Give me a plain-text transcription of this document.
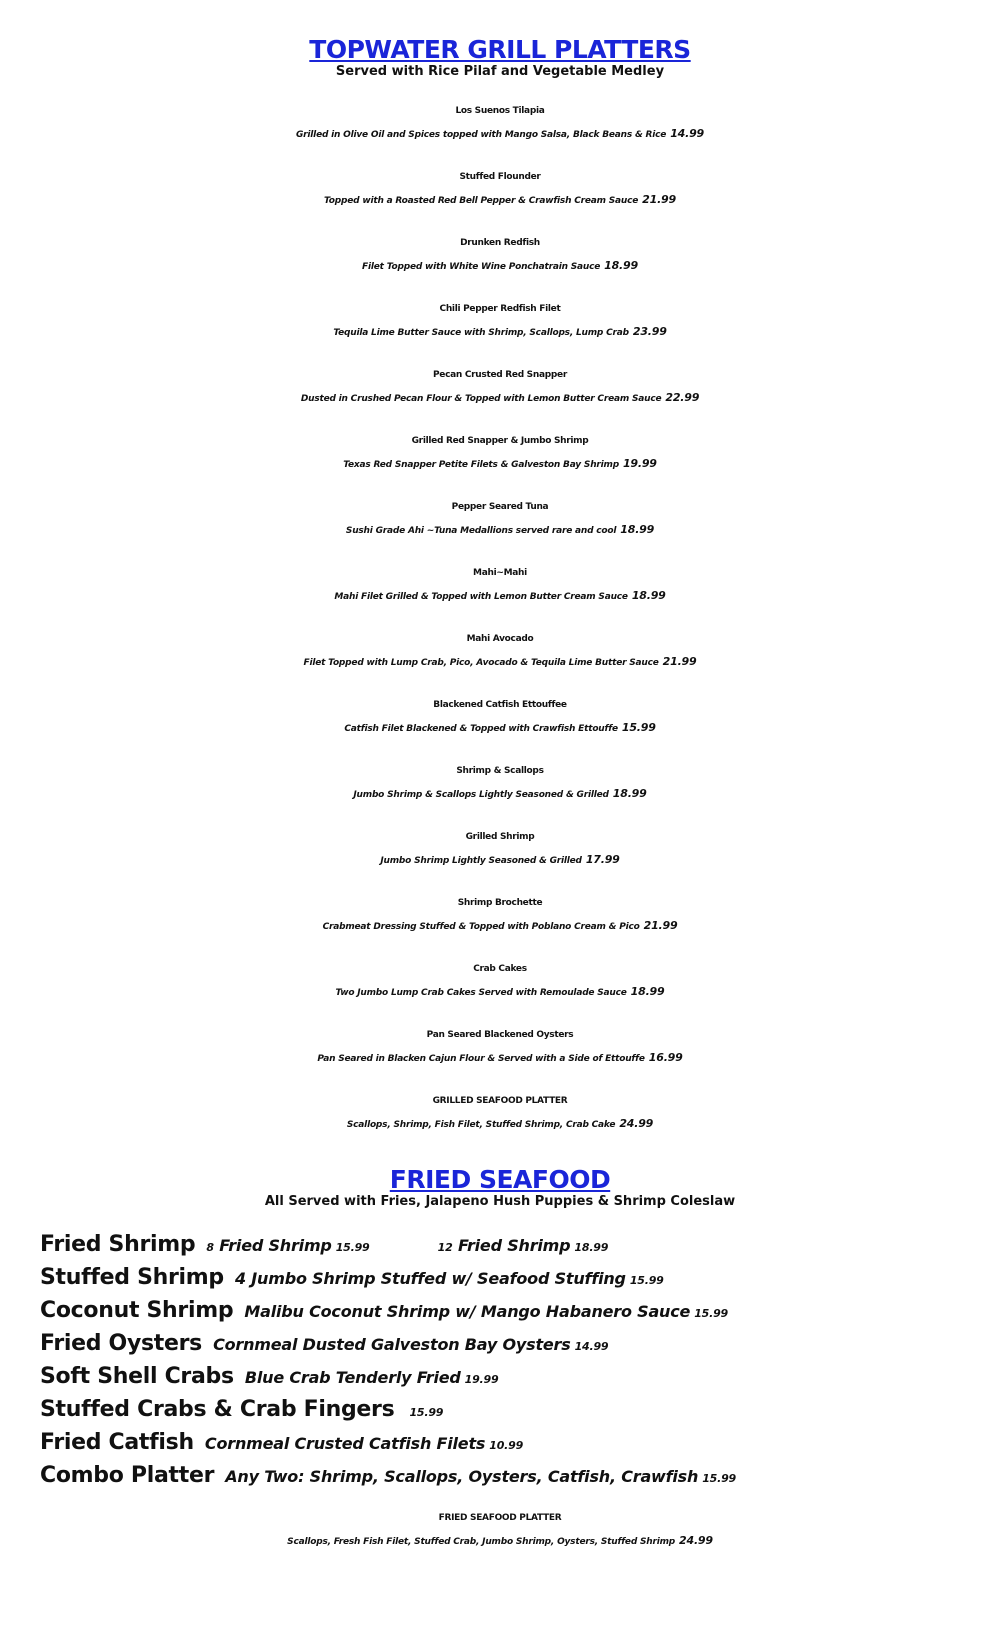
TOPWATER GRILL PLATTERS
Served with Rice Pilaf and Vegetable Medley
Los Suenos Tilapia
Grilled in Olive Oil and Spices topped with Mango Salsa, Black Beans & Rice 14.99
Stuffed Flounder
Topped with a Roasted Red Bell Pepper & Crawfish Cream Sauce 21.99
Drunken Redfish
Filet Topped with White Wine Ponchatrain Sauce 18.99
Chili Pepper Redfish Filet
Tequila Lime Butter Sauce with Shrimp, Scallops, Lump Crab 23.99
Pecan Crusted Red Snapper
Dusted in Crushed Pecan Flour & Topped with Lemon Butter Cream Sauce 22.99
Grilled Red Snapper & Jumbo Shrimp
Texas Red Snapper Petite Filets & Galveston Bay Shrimp 19.99
Pepper Seared Tuna
Sushi Grade Ahi ~Tuna Medallions served rare and cool 18.99
Mahi~Mahi
Mahi Filet Grilled & Topped with Lemon Butter Cream Sauce 18.99
Mahi Avocado
Filet Topped with Lump Crab, Pico, Avocado & Tequila Lime Butter Sauce 21.99
Blackened Catfish Ettouffee
Catfish Filet Blackened & Topped with Crawfish Ettouffe 15.99
Shrimp & Scallops
Jumbo Shrimp & Scallops Lightly Seasoned & Grilled 18.99
Grilled Shrimp
Jumbo Shrimp Lightly Seasoned & Grilled 17.99
Shrimp Brochette
Crabmeat Dressing Stuffed & Topped with Poblano Cream & Pico 21.99
Crab Cakes
Two Jumbo Lump Crab Cakes Served with Remoulade Sauce 18.99
Pan Seared Blackened Oysters
Pan Seared in Blacken Cajun Flour & Served with a Side of Ettouffe 16.99
GRILLED SEAFOOD PLATTER
Scallops, Shrimp, Fish Filet, Stuffed Shrimp, Crab Cake 24.99
FRIED SEAFOOD
All Served with Fries, Jalapeno Hush Puppies & Shrimp Coleslaw
Fried Shrimp 8 Fried Shrimp 15.99	12 Fried Shrimp 18.99
Stuffed Shrimp 4 Jumbo Shrimp Stuffed w/ Seafood Stuffing 15.99
Coconut Shrimp Malibu Coconut Shrimp w/ Mango Habanero Sauce 15.99
Fried Oysters Cornmeal Dusted Galveston Bay Oysters 14.99
Soft Shell Crabs Blue Crab Tenderly Fried 19.99
Stuffed Crabs & Crab Fingers 15.99
Fried Catfish Cornmeal Crusted Catfish Filets 10.99
Combo Platter Any Two: Shrimp, Scallops, Oysters, Catfish, Crawfish 15.99
FRIED SEAFOOD PLATTER
Scallops, Fresh Fish Filet, Stuffed Crab, Jumbo Shrimp, Oysters, Stuffed Shrimp 24.99
